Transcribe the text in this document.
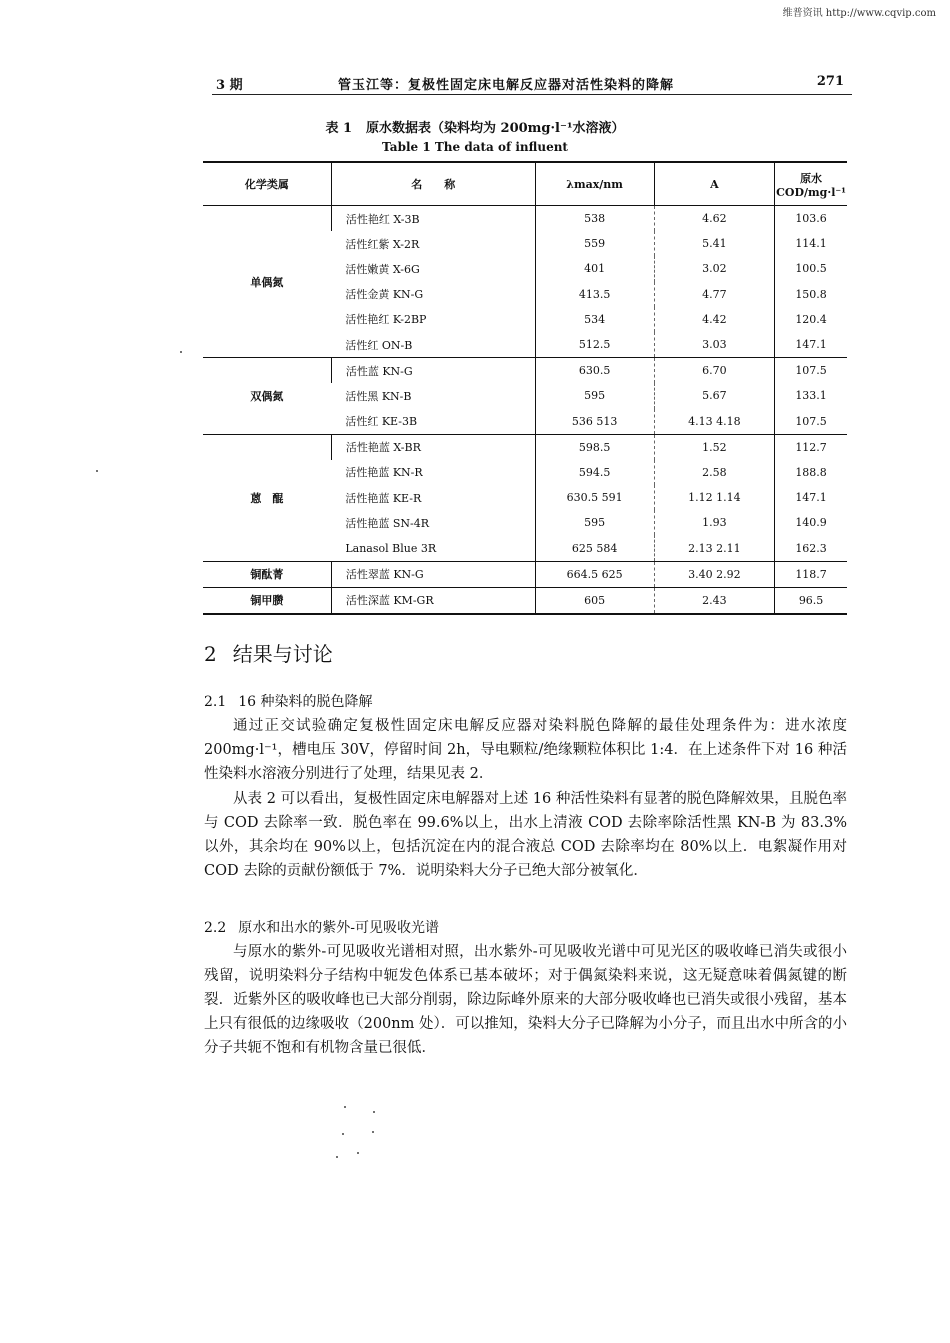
维普资讯 http://www.cqvip.com
3 期	管玉江等：复极性固定床电解反应器对活性染料的降解	271
表 1 原水数据表（染料均为 200mg·l⁻¹水溶液）
Table 1 The data of influent
化学类属	名　　称	λmax/nm	A	原水 COD/mg·l⁻¹
单偶氮	活性艳红 X-3B	538	4.62	103.6
	活性红紫 X-2R	559	5.41	114.1
	活性嫩黄 X-6G	401	3.02	100.5
	活性金黄 KN-G	413.5	4.77	150.8
	活性艳红 K-2BP	534	4.42	120.4
	活性红 ON-B	512.5	3.03	147.1
双偶氮	活性蓝 KN-G	630.5	6.70	107.5
	活性黑 KN-B	595	5.67	133.1
	活性红 KE-3B	536 513	4.13 4.18	107.5
蒽　醌	活性艳蓝 X-BR	598.5	1.52	112.7
	活性艳蓝 KN-R	594.5	2.58	188.8
	活性艳蓝 KE-R	630.5 591	1.12 1.14	147.1
	活性艳蓝 SN-4R	595	1.93	140.9
	Lanasol Blue 3R	625 584	2.13 2.11	162.3
铜酞菁	活性翠蓝 KN-G	664.5 625	3.40 2.92	118.7
铜甲臜	活性深蓝 KM-GR	605	2.43	96.5
2 结果与讨论
2.1 16 种染料的脱色降解

通过正交试验确定复极性固定床电解反应器对染料脱色降解的最佳处理条件为：进水浓度 200mg·l⁻¹，槽电压 30V，停留时间 2h，导电颗粒/绝缘颗粒体积比 1:4．在上述条件下对 16 种活性染料水溶液分别进行了处理，结果见表 2．

从表 2 可以看出，复极性固定床电解器对上述 16 种活性染料有显著的脱色降解效果，且脱色率与 COD 去除率一致．脱色率在 99.6%以上，出水上清液 COD 去除率除活性黑 KN-B 为 83.3%以外，其余均在 90%以上，包括沉淀在内的混合液总 COD 去除率均在 80%以上．电絮凝作用对 COD 去除的贡献份额低于 7%．说明染料大分子已绝大部分被氧化．

2.2 原水和出水的紫外-可见吸收光谱

与原水的紫外-可见吸收光谱相对照，出水紫外-可见吸收光谱中可见光区的吸收峰已消失或很小残留，说明染料分子结构中轭发色体系已基本破坏；对于偶氮染料来说，这无疑意味着偶氮键的断裂．近紫外区的吸收峰也已大部分削弱，除边际峰外原来的大部分吸收峰也已消失或很小残留，基本上只有很低的边缘吸收（200nm 处）．可以推知，染料大分子已降解为小分子，而且出水中所含的小分子共轭不饱和有机物含量已很低．
